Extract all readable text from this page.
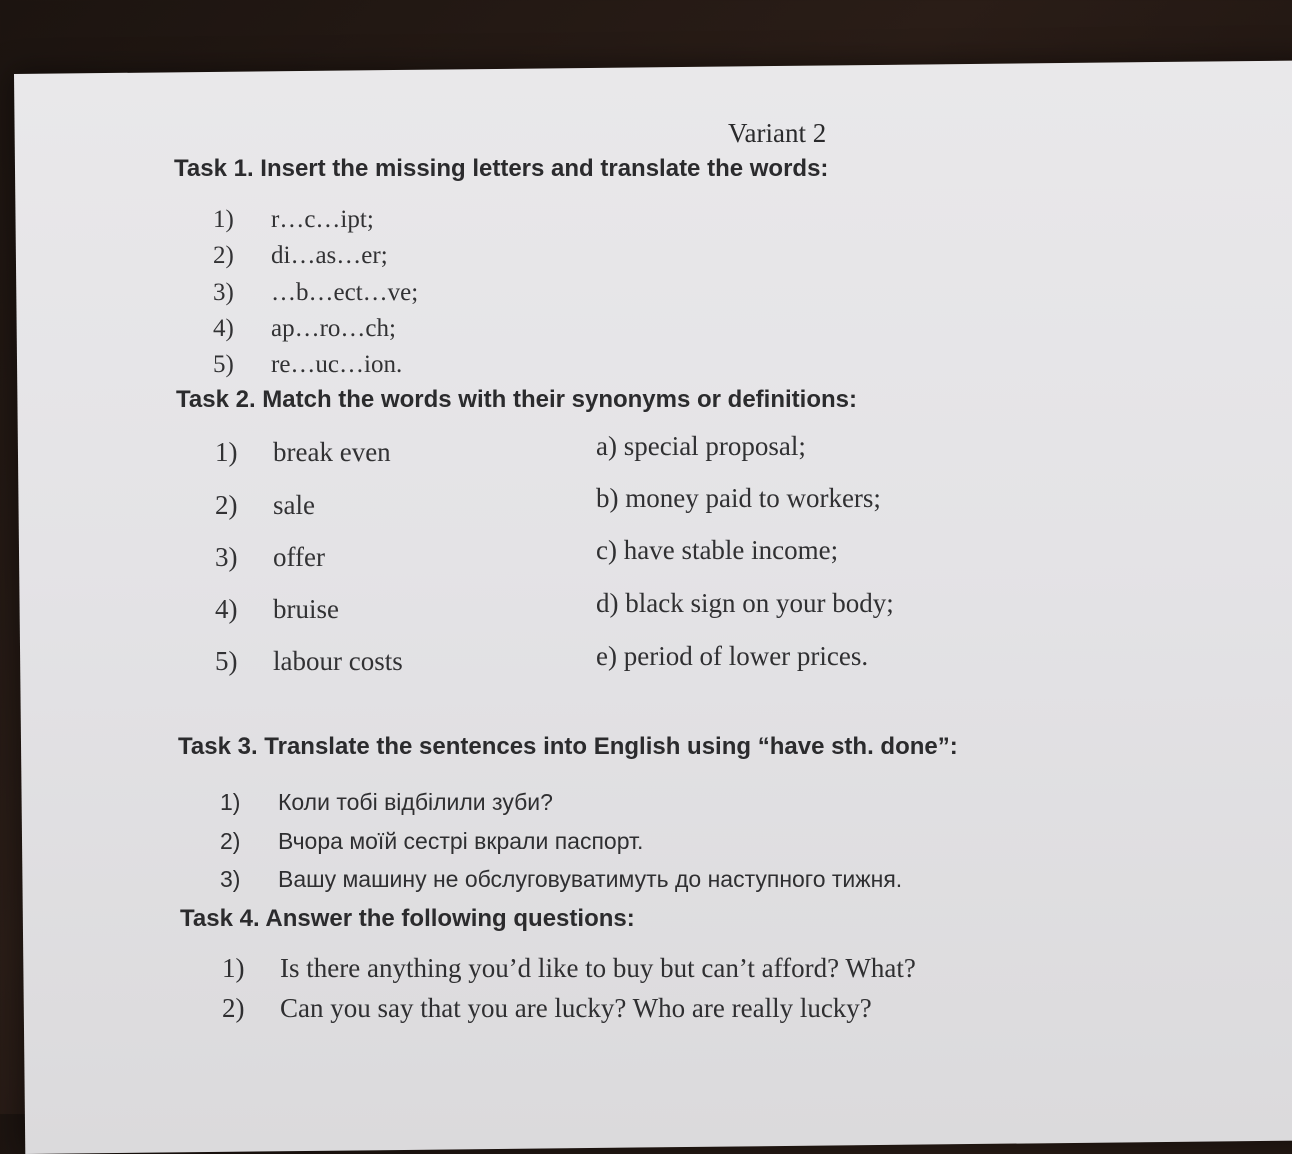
Variant 2
Task 1. Insert the missing letters and translate the words:
1) r…c…ipt;
2) di…as…er;
3) …b…ect…ve;
4) ap…ro…ch;
5) re…uc…ion.
Task 2. Match the words with their synonyms or definitions:
1) break even
2) sale
3) offer
4) bruise
5) labour costs
a) special proposal;
b) money paid to workers;
c) have stable income;
d) black sign on your body;
e) period of lower prices.
Task 3. Translate the sentences into English using “have sth. done”:
1) Коли тобі відбілили зуби?
2) Вчора моїй сестрі вкрали паспорт.
3) Вашу машину не обслуговуватимуть до наступного тижня.
Task 4. Answer the following questions:
1) Is there anything you’d like to buy but can’t afford? What?
2) Can you say that you are lucky? Who are really lucky?
